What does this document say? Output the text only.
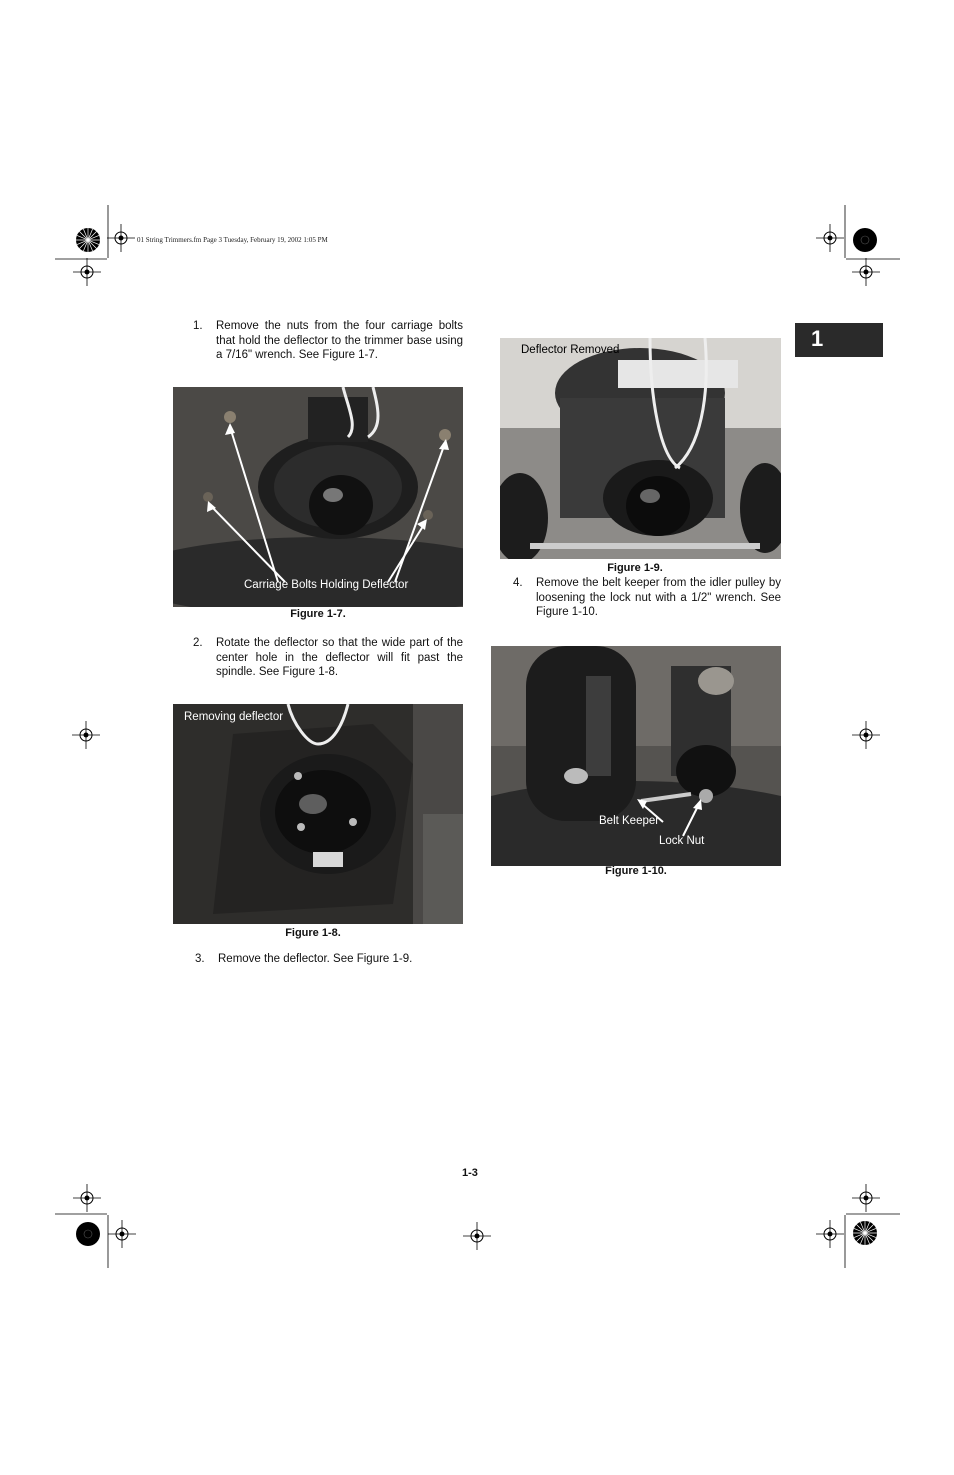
01 String Trimmers.fm Page 3 Tuesday, February 19, 2002 1:05 PM
1
1. Remove the nuts from the four carriage bolts that hold the deflector to the trimmer base using a 7/16" wrench. See Figure 1-7.
Carriage Bolts Holding Deflector
Figure 1-7.
2. Rotate the deflector so that the wide part of the center hole in the deflector will fit past the spindle. See Figure 1-8.
Removing deflector
Figure 1-8.
3. Remove the deflector. See Figure 1-9.
Deflector Removed
Figure 1-9.
4. Remove the belt keeper from the idler pulley by loosening the lock nut with a 1/2" wrench. See Figure 1-10.
Belt Keeper
Lock Nut
Figure 1-10.
1-3
